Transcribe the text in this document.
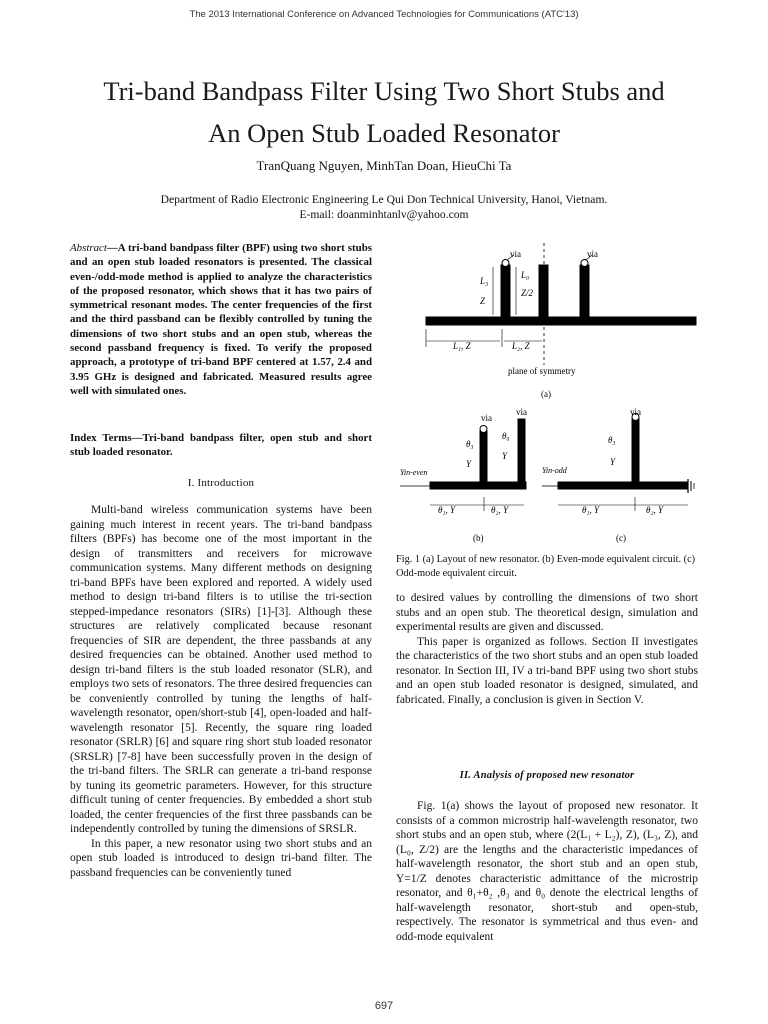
The 2013 International Conference on Advanced Technologies for Communications (ATC'13)
Tri-band Bandpass Filter Using Two Short Stubs and
An Open Stub Loaded Resonator
TranQuang Nguyen, MinhTan Doan, HieuChi Ta
Department of Radio Electronic Engineering Le Qui Don Technical University, Hanoi, Vietnam.
E-mail: doanminhtanlv@yahoo.com
Abstract—A tri-band bandpass filter (BPF) using two short stubs and an open stub loaded resonators is presented. The classical even-/odd-mode method is applied to analyze the characteristics of the proposed resonator, which shows that it has two pairs of symmetrical resonant modes. The center frequencies of the first and the third passband can be flexibly controlled by tuning the dimensions of two short stubs and an open stub, whereas the second passband frequency is fixed. To verify the proposed approach, a prototype of tri-band BPF centered at 1.57, 2.4 and 3.95 GHz is designed and fabricated. Measured results agree well with simulated ones.
Index Terms—Tri-band bandpass filter, open stub and short stub loaded resonator.
I. Introduction

Multi-band wireless communication systems have been gaining much interest in recent years. The tri-band bandpass filters (BPFs) has become one of the most important in the design of transmitters and receivers for microwave communication systems. Many different methods on designing tri-band BPFs have been explored and reported. A widely used method to design tri-band filters is to utilise the tri-section stepped-impedance resonators (SIRs) [1]-[3]. Although these structures are relatively complicated because resonant frequencies of SIR are dependent, the three passbands at any desired frequencies can be obtained. Another used method to design tri-band filters is the stub loaded resonator (SLR), and employs two sets of resonators. The three desired frequencies can be conveniently controlled by tuning the lengths of half-wavelength resonator, open/short-stub [4], open-loaded and half-wavelength resonator [5]. Recently, the square ring loaded resonator (SRLR) [6] and square ring short stub loaded resonator (SRSLR) [7-8] have been successfully proven in the design of the tri-band filters. The SRLR can generate a tri-band response by tuning its geometric parameters. However, for this structure difficult tuning of center frequencies. By embedded a short stub loaded, the center frequencies of the first three passbands can be independently controlled by tuning the dimensions of SRSLR.

In this paper, a new resonator using two short stubs and an open stub loaded is introduced to design tri-band filter. The passband frequencies can be conveniently tuned

via	via
L₃
Z
L₀
Z/2
L₁, Z	L₂, Z
plane of symmetry
(a)
via
via
θ₃
Y
θ₀
Y
Yin-even
θ₁, Y	θ₂, Y
(b)
via
θ₃
Y
Yin-odd
θ₁, Y	θ₂, Y
(c)
Fig. 1 (a) Layout of new resonator. (b) Even-mode equivalent circuit. (c) Odd-mode equivalent circuit.

to desired values by controlling the dimensions of two short stubs and an open stub. The theoretical design, simulation and experimental results are given and discussed.

This paper is organized as follows. Section II investigates the characteristics of the two short stubs and an open stub loaded resonator. In Section III, IV a tri-band BPF using two short stubs and an open stub loaded resonator is designed, simulated, and fabricated. Finally, a conclusion is given in Section V.

II. Analysis of proposed new resonator

Fig. 1(a) shows the layout of proposed new resonator. It consists of a common microstrip half-wavelength resonator, two short stubs and an open stub, where (2(L₁ + L₂), Z), (L₃, Z), and (L₀, Z/2) are the lengths and the characteristic impedances of half-wavelength resonator, the short stub and an open stub, Y=1/Z denotes characteristic admittance of the microstrip resonator, and θ₁+θ₂ ,θ₃ and θ₀ denote the electrical lengths of half-wavelength resonator, short-stub and open-stub, respectively. The resonator is symmetrical and thus even- and odd-mode equivalent

697
